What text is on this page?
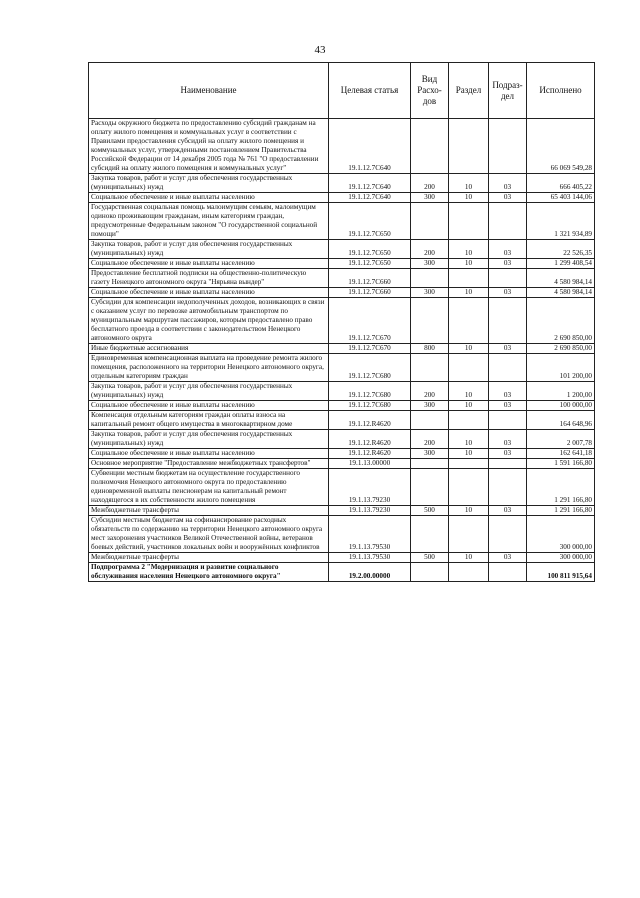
43
Наименование	Целевая статья	Вид Расхо-дов	Раздел	Подраз-дел	Исполнено
Расходы окружного бюджета по предоставлению субсидий гражданам на оплату жилого помещения и коммунальных услуг в соответствии с Правилами предоставления субсидий на оплату жилого помещения и коммунальных услуг, утвержденными постановлением Правительства Российской Федерации от 14 декабря 2005 года № 761 "О предоставлении субсидий на оплату жилого помещения и коммунальных услуг"	19.1.12.7С640				66 069 549,28
Закупка товаров, работ и услуг для обеспечения государственных (муниципальных) нужд	19.1.12.7С640	200	10	03	666 405,22
Социальное обеспечение и иные выплаты населению	19.1.12.7С640	300	10	03	65 403 144,06
Государственная социальная помощь малоимущим семьям, малоимущим одиноко проживающим гражданам, иным категориям граждан, предусмотренные Федеральным законом "О государственной социальной помощи"	19.1.12.7С650				1 321 934,89
Закупка товаров, работ и услуг для обеспечения государственных (муниципальных) нужд	19.1.12.7С650	200	10	03	22 526,35
Социальное обеспечение и иные выплаты населению	19.1.12.7С650	300	10	03	1 299 408,54
Предоставление бесплатной подписки на общественно-политическую газету Ненецкого автономного округа "Нярьяна вындер"	19.1.12.7С660				4 580 984,14
Социальное обеспечение и иные выплаты населению	19.1.12.7С660	300	10	03	4 580 984,14
Субсидии для компенсации недополученных доходов, возникающих в связи с оказанием услуг по перевозке автомобильным транспортом по муниципальным маршрутам пассажиров, которым предоставлено право бесплатного проезда в соответствии с законодательством Ненецкого автономного округа	19.1.12.7С670				2 690 850,00
Иные бюджетные ассигнования	19.1.12.7С670	800	10	03	2 690 850,00
Единовременная компенсационная выплата на проведение ремонта жилого помещения, расположенного на территории Ненецкого автономного округа, отдельным категориям граждан	19.1.12.7С680				101 200,00
Закупка товаров, работ и услуг для обеспечения государственных (муниципальных) нужд	19.1.12.7С680	200	10	03	1 200,00
Социальное обеспечение и иные выплаты населению	19.1.12.7С680	300	10	03	100 000,00
Компенсация отдельным категориям граждан оплаты взноса на капитальный ремонт общего имущества в многоквартирном доме	19.1.12.R4620				164 648,96
Закупка товаров, работ и услуг для обеспечения государственных (муниципальных) нужд	19.1.12.R4620	200	10	03	2 007,78
Социальное обеспечение и иные выплаты населению	19.1.12.R4620	300	10	03	162 641,18
Основное мероприятие "Предоставление межбюджетных трансфертов"	19.1.13.00000				1 591 166,80
Субвенции местным бюджетам на осуществление государственного полномочия Ненецкого автономного округа по предоставлению единовременной выплаты пенсионерам на капитальный ремонт находящегося в их собственности жилого помещения	19.1.13.79230				1 291 166,80
Межбюджетные трансферты	19.1.13.79230	500	10	03	1 291 166,80
Субсидии местным бюджетам на софинансирование расходных обязательств по содержанию на территории Ненецкого автономного округа мест захоронения участников Великой Отечественной войны, ветеранов боевых действий, участников локальных войн и вооружённых конфликтов	19.1.13.79530				300 000,00
Межбюджетные трансферты	19.1.13.79530	500	10	03	300 000,00
Подпрограмма 2 "Модернизация и развитие социального обслуживания населения Ненецкого автономного округа"	19.2.00.00000				100 811 915,64
